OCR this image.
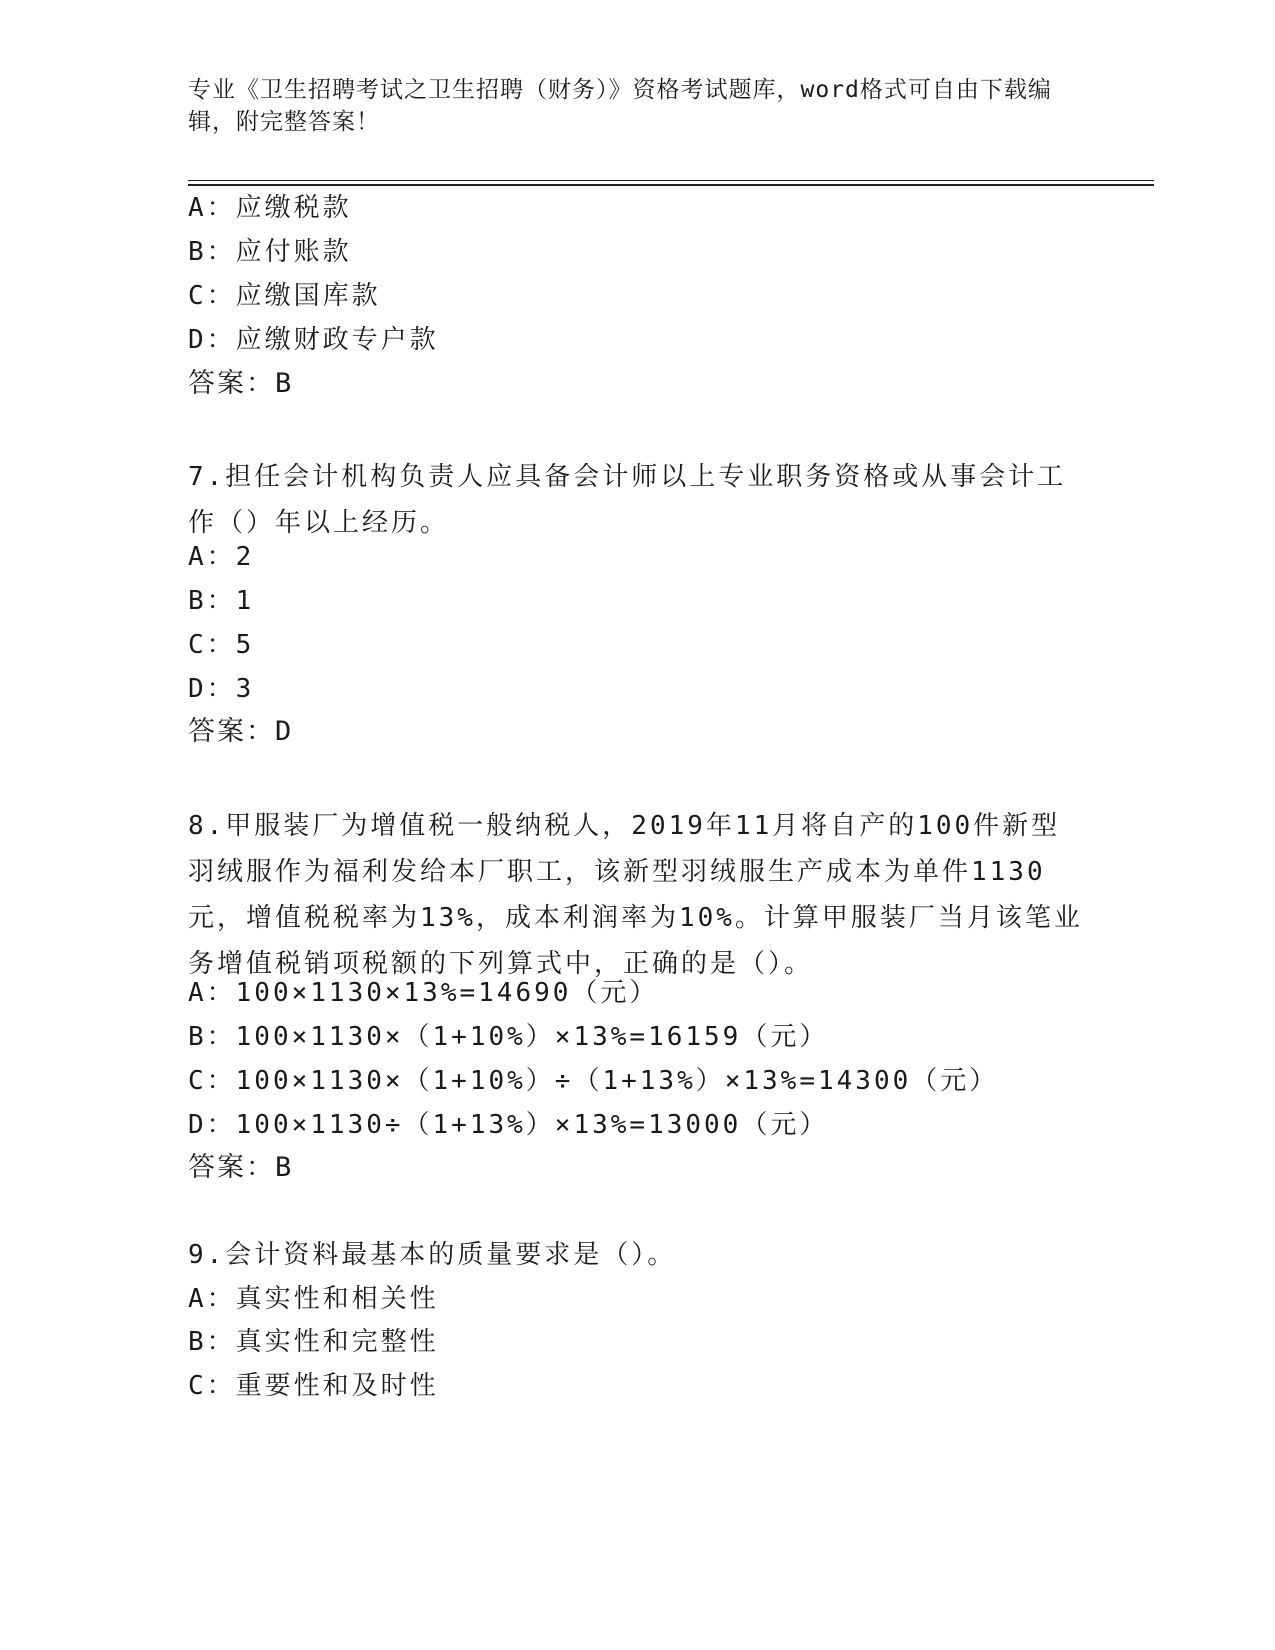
专业《卫生招聘考试之卫生招聘（财务）》资格考试题库，word格式可自由下载编辑，附完整答案！
A：应缴税款
B：应付账款
C：应缴国库款
D：应缴财政专户款
答案：B
7.担任会计机构负责人应具备会计师以上专业职务资格或从事会计工作（）年以上经历。
A：2
B：1
C：5
D：3
答案：D
8.甲服装厂为增值税一般纳税人，2019年11月将自产的100件新型羽绒服作为福利发给本厂职工，该新型羽绒服生产成本为单件1130元，增值税税率为13%，成本利润率为10%。计算甲服装厂当月该笔业务增值税销项税额的下列算式中，正确的是（）。
A：100×1130×13%=14690（元）
B：100×1130×（1+10%）×13%=16159（元）
C：100×1130×（1+10%）÷（1+13%）×13%=14300（元）
D：100×1130÷（1+13%）×13%=13000（元）
答案：B
9.会计资料最基本的质量要求是（）。
A：真实性和相关性
B：真实性和完整性
C：重要性和及时性
